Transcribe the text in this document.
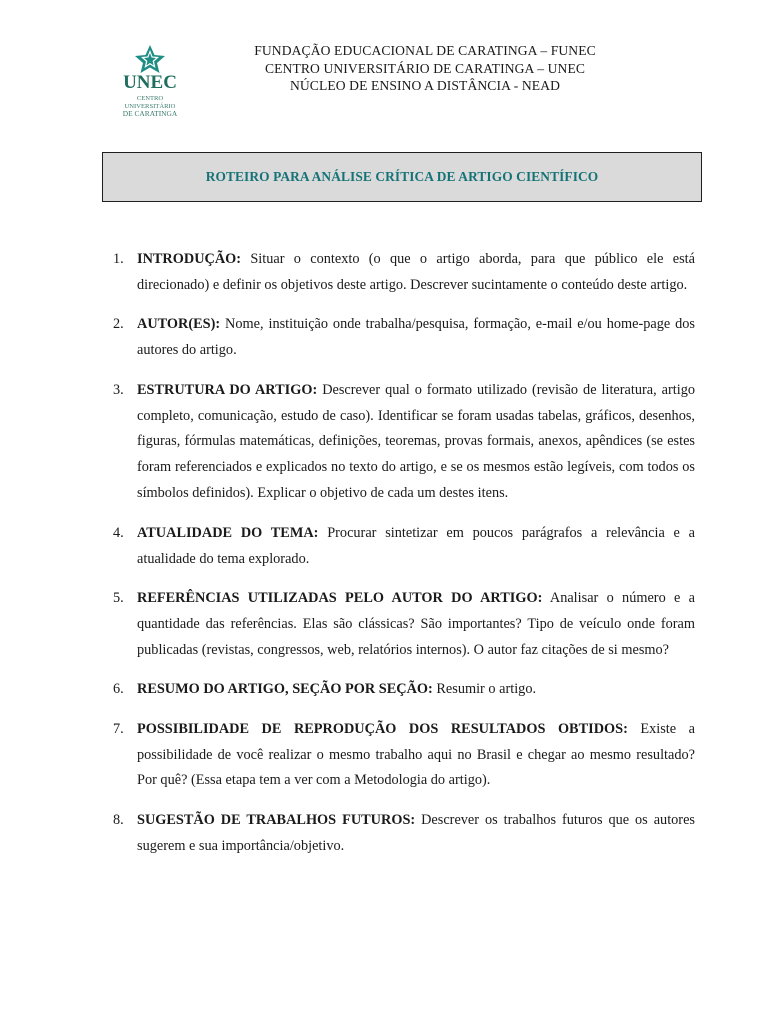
UNEC
CENTRO
UNIVERSITÁRIO
DE CARATINGA
FUNDAÇÃO EDUCACIONAL DE CARATINGA – FUNEC
CENTRO UNIVERSITÁRIO DE CARATINGA – UNEC
NÚCLEO DE ENSINO A DISTÂNCIA - NEAD
ROTEIRO PARA ANÁLISE CRÍTICA DE ARTIGO CIENTÍFICO
1. INTRODUÇÃO: Situar o contexto (o que o artigo aborda, para que público ele está direcionado) e definir os objetivos deste artigo. Descrever sucintamente o conteúdo deste artigo.
2. AUTOR(ES): Nome, instituição onde trabalha/pesquisa, formação, e-mail e/ou home-page dos autores do artigo.
3. ESTRUTURA DO ARTIGO: Descrever qual o formato utilizado (revisão de literatura, artigo completo, comunicação, estudo de caso). Identificar se foram usadas tabelas, gráficos, desenhos, figuras, fórmulas matemáticas, definições, teoremas, provas formais, anexos, apêndices (se estes foram referenciados e explicados no texto do artigo, e se os mesmos estão legíveis, com todos os símbolos definidos). Explicar o objetivo de cada um destes itens.
4. ATUALIDADE DO TEMA: Procurar sintetizar em poucos parágrafos a relevância e a atualidade do tema explorado.
5. REFERÊNCIAS UTILIZADAS PELO AUTOR DO ARTIGO: Analisar o número e a quantidade das referências. Elas são clássicas? São importantes? Tipo de veículo onde foram publicadas (revistas, congressos, web, relatórios internos). O autor faz citações de si mesmo?
6. RESUMO DO ARTIGO, SEÇÃO POR SEÇÃO: Resumir o artigo.
7. POSSIBILIDADE DE REPRODUÇÃO DOS RESULTADOS OBTIDOS: Existe a possibilidade de você realizar o mesmo trabalho aqui no Brasil e chegar ao mesmo resultado? Por quê? (Essa etapa tem a ver com a Metodologia do artigo).
8. SUGESTÃO DE TRABALHOS FUTUROS: Descrever os trabalhos futuros que os autores sugerem e sua importância/objetivo.
